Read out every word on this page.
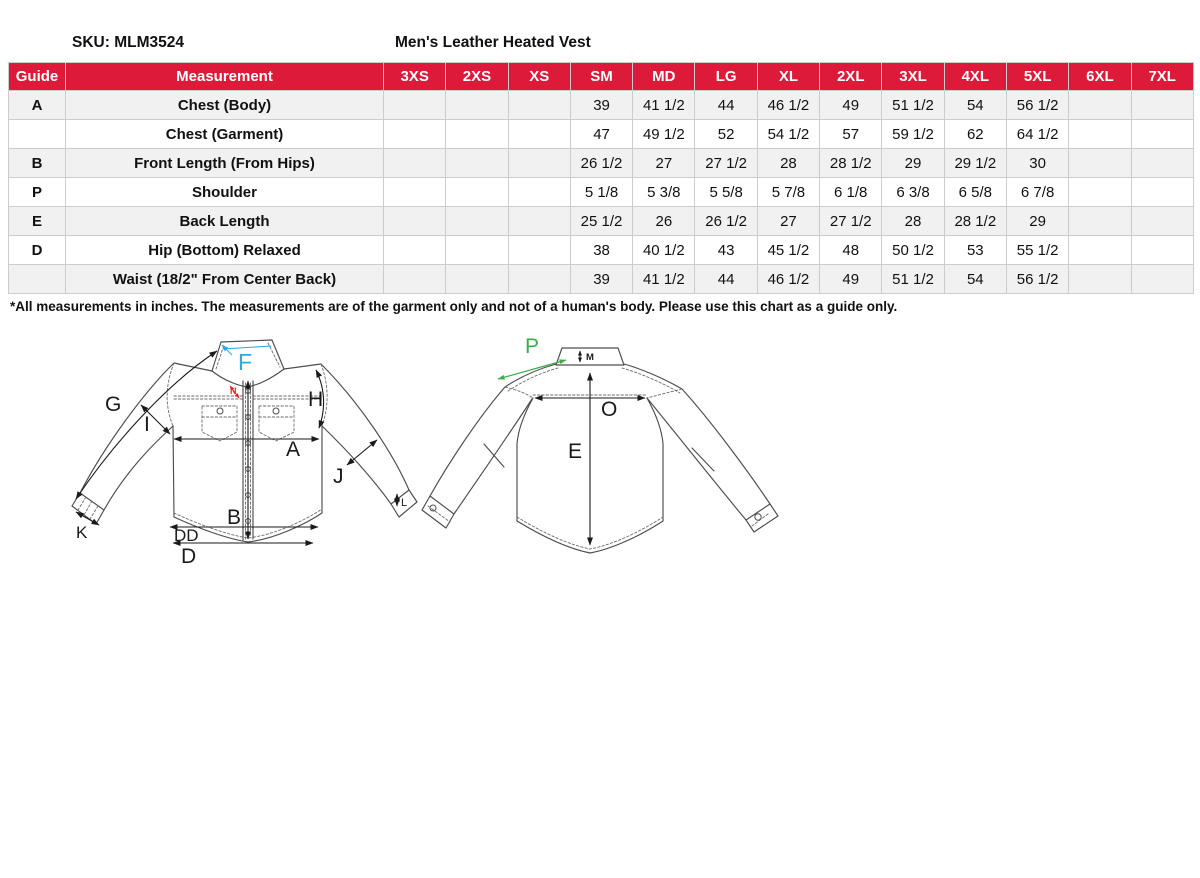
SKU: MLM3524	Men's Leather Heated Vest
Guide	Measurement	3XS	2XS	XS	SM	MD	LG	XL	2XL	3XL	4XL	5XL	6XL	7XL
A	Chest (Body)				39	41 1/2	44	46 1/2	49	51 1/2	54	56 1/2		
	Chest (Garment)				47	49 1/2	52	54 1/2	57	59 1/2	62	64 1/2		
B	Front Length (From Hips)				26 1/2	27	27 1/2	28	28 1/2	29	29 1/2	30		
P	Shoulder				5 1/8	5 3/8	5 5/8	5 7/8	6 1/8	6 3/8	6 5/8	6 7/8		
E	Back Length				25 1/2	26	26 1/2	27	27 1/2	28	28 1/2	29		
D	Hip (Bottom) Relaxed				38	40 1/2	43	45 1/2	48	50 1/2	53	55 1/2		
	Waist (18/2" From Center Back)				39	41 1/2	44	46 1/2	49	51 1/2	54	56 1/2		
*All measurements in inches. The measurements are of the garment only and not of a human's body. Please use this chart as a guide only.
F
N
G
I
A
H
J
B
K	DD
D
L
M
P
O
E
